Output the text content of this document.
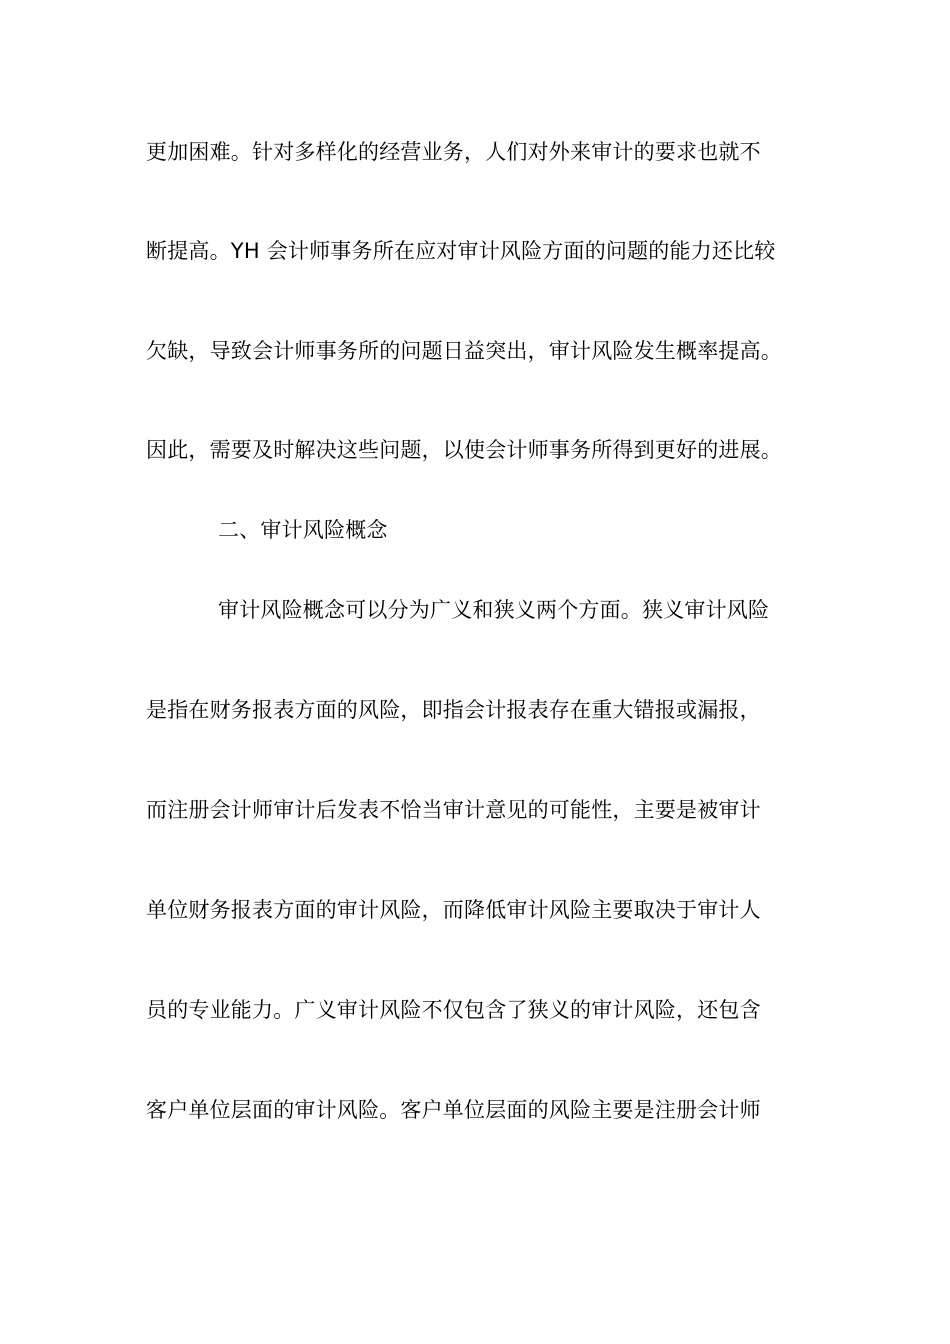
更加困难。针对多样化的经营业务，人们对外来审计的要求也就不
断提高。YH 会计师事务所在应对审计风险方面的问题的能力还比较
欠缺，导致会计师事务所的问题日益突出，审计风险发生概率提高。
因此，需要及时解决这些问题，以使会计师事务所得到更好的进展。
二、审计风险概念
审计风险概念可以分为广义和狭义两个方面。狭义审计风险
是指在财务报表方面的风险，即指会计报表存在重大错报或漏报，
而注册会计师审计后发表不恰当审计意见的可能性，主要是被审计
单位财务报表方面的审计风险，而降低审计风险主要取决于审计人
员的专业能力。广义审计风险不仅包含了狭义的审计风险，还包含
客户单位层面的审计风险。客户单位层面的风险主要是注册会计师
